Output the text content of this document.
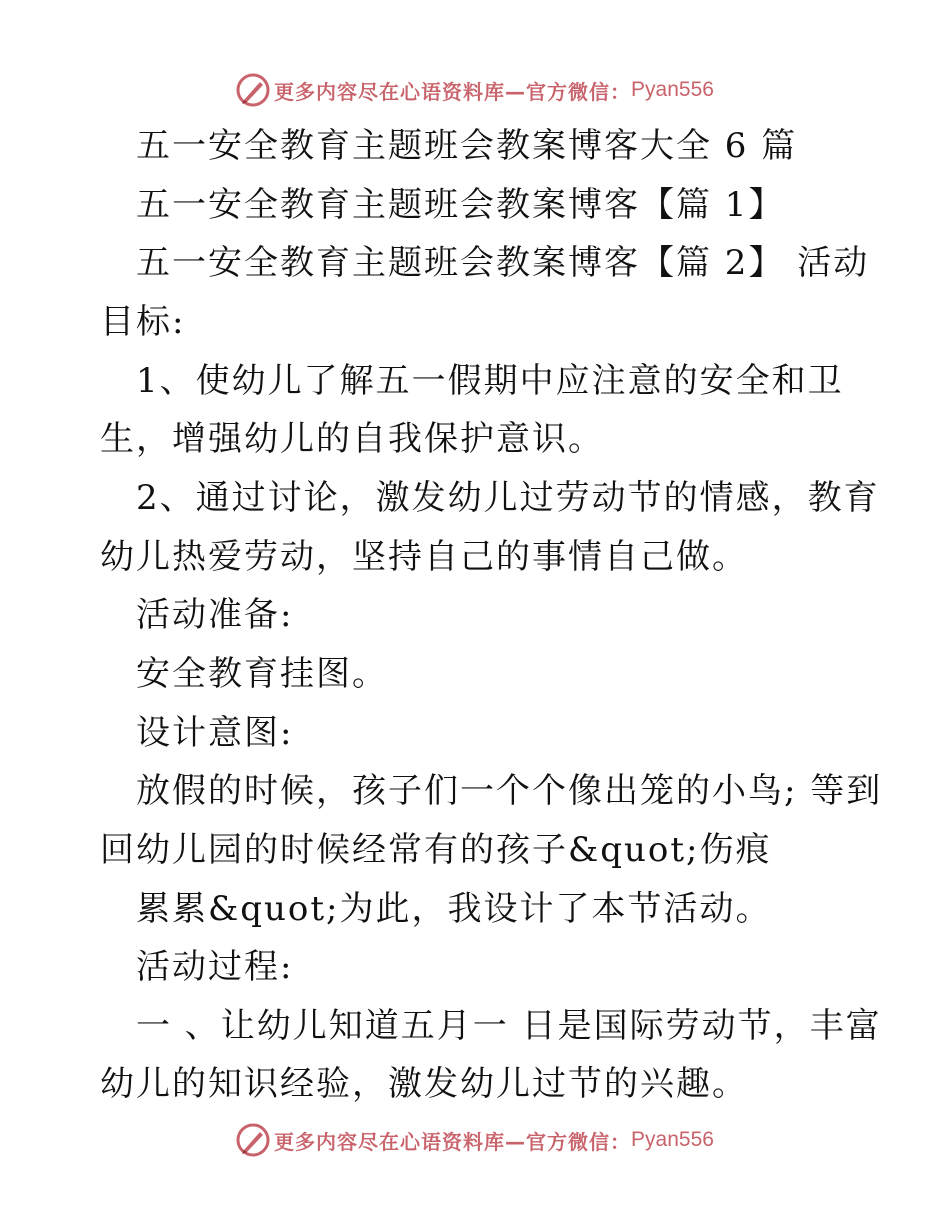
更多内容尽在心语资料库—官方微信： Pyan556
五一安全教育主题班会教案博客大全 6 篇
五一安全教育主题班会教案博客【篇 1】
五一安全教育主题班会教案博客【篇 2】 活动
目标:
1、使幼儿了解五一假期中应注意的安全和卫
生，增强幼儿的自我保护意识。
2、通过讨论，激发幼儿过劳动节的情感，教育
幼儿热爱劳动，坚持自己的事情自己做。
活动准备:
安全教育挂图。
设计意图:
放假的时候，孩子们一个个像出笼的小鸟; 等到
回幼儿园的时候经常有的孩子&quot;伤痕
累累&quot;为此，我设计了本节活动。
活动过程:
一 、让幼儿知道五月一 日是国际劳动节，丰富
幼儿的知识经验，激发幼儿过节的兴趣。
更多内容尽在心语资料库—官方微信： Pyan556
